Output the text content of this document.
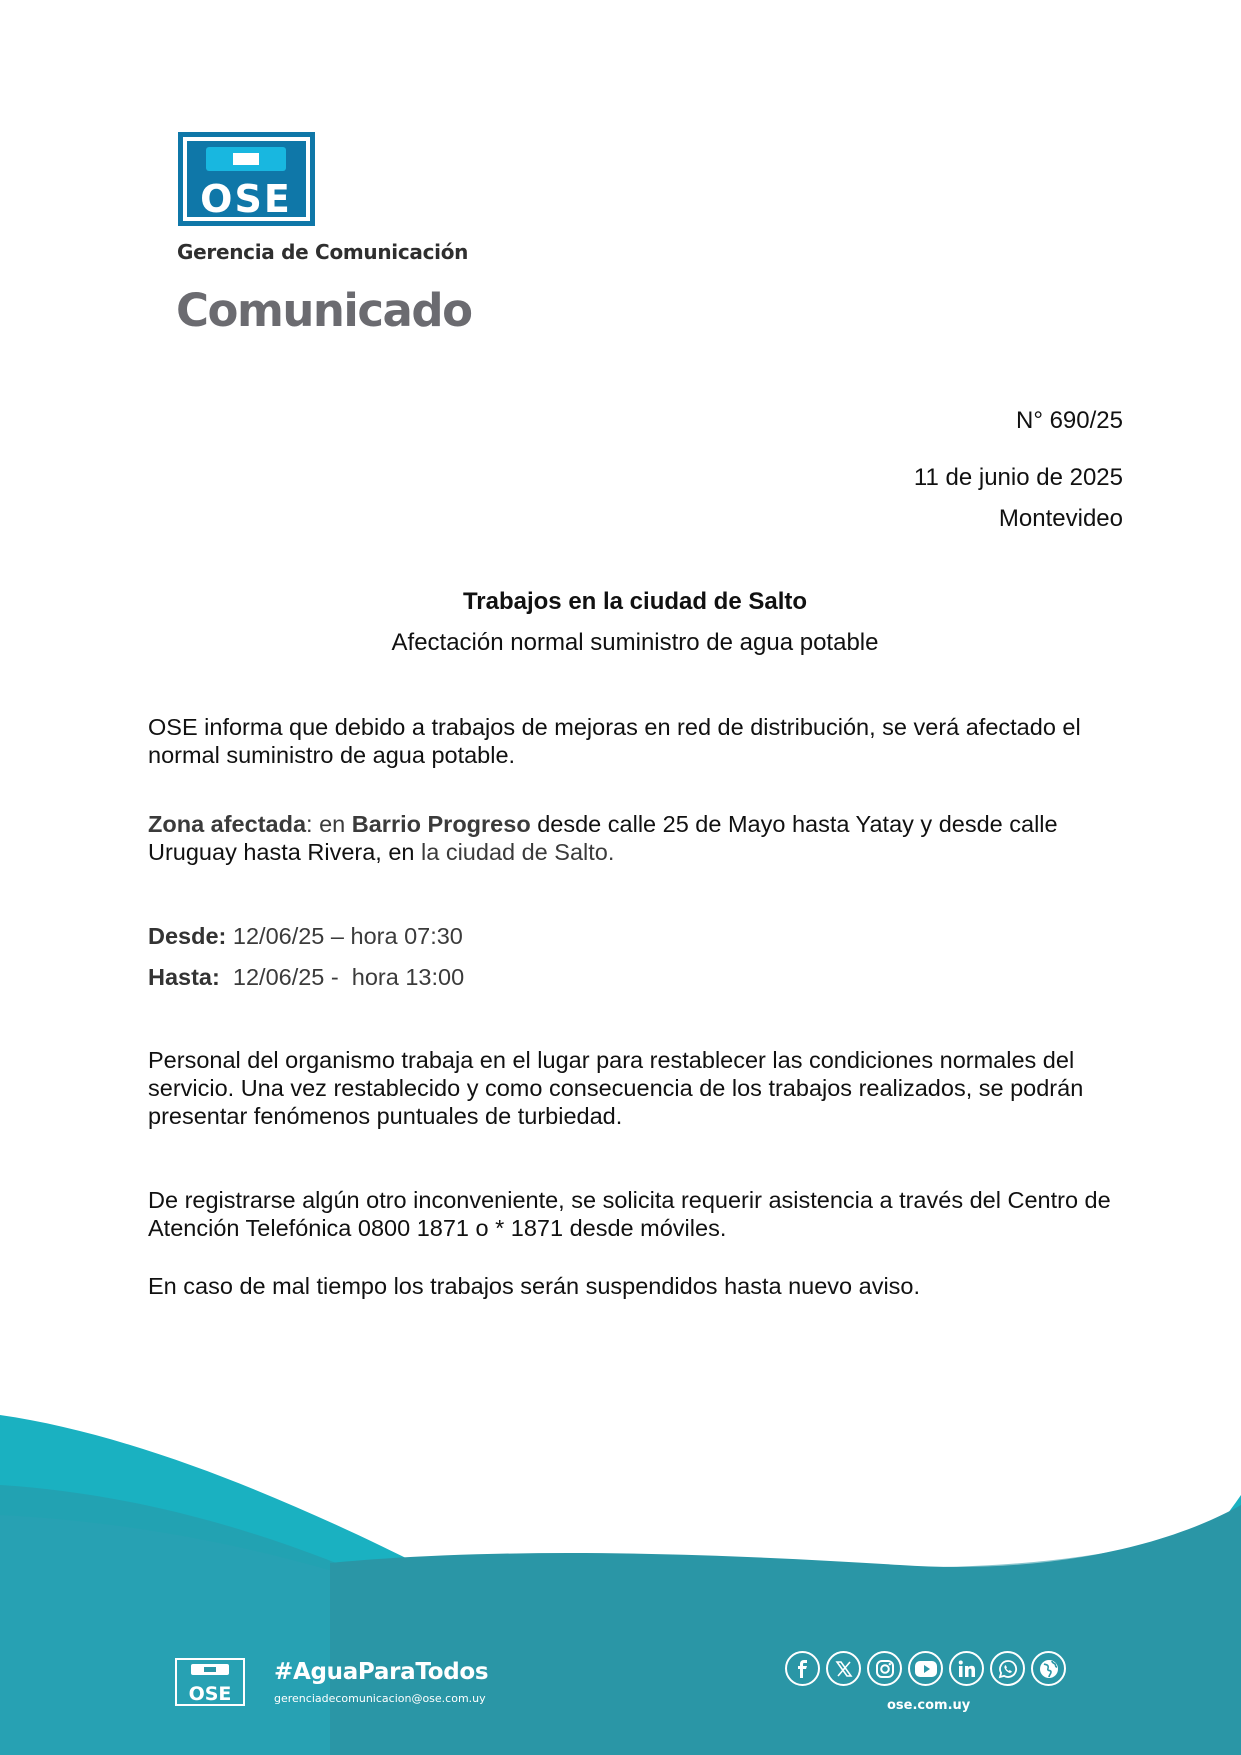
OSE
Gerencia de Comunicación
Comunicado
N° 690/25
11 de junio de 2025
Montevideo
Trabajos en la ciudad de Salto
Afectación normal suministro de agua potable
OSE informa que debido a trabajos de mejoras en red de distribución, se verá afectado el normal suministro de agua potable.
Zona afectada: en Barrio Progreso desde calle 25 de Mayo hasta Yatay y desde calle Uruguay hasta Rivera, en la ciudad de Salto.
Desde: 12/06/25 – hora 07:30
Hasta:  12/06/25 -  hora 13:00
Personal del organismo trabaja en el lugar para restablecer las condiciones normales del servicio. Una vez restablecido y como consecuencia de los trabajos realizados, se podrán presentar fenómenos puntuales de turbiedad.
De registrarse algún otro inconveniente, se solicita requerir asistencia a través del Centro de Atención Telefónica 0800 1871 o * 1871 desde móviles.
En caso de mal tiempo los trabajos serán suspendidos hasta nuevo aviso.
OSE
#AguaParaTodos
gerenciadecomunicacion@ose.com.uy	ose.com.uy
